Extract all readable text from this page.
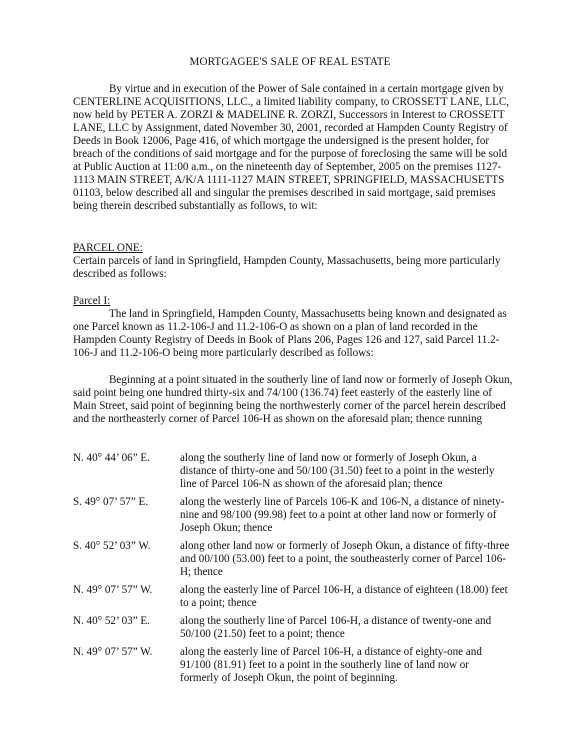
MORTGAGEE'S SALE OF REAL ESTATE

By virtue and in execution of the Power of Sale contained in a certain mortgage given by CENTERLINE ACQUISITIONS, LLC., a limited liability company, to CROSSETT LANE, LLC, now held by PETER A. ZORZI & MADELINE R. ZORZI, Successors in Interest to CROSSETT LANE, LLC by Assignment, dated November 30, 2001, recorded at Hampden County Registry of Deeds in Book 12006, Page 416, of which mortgage the undersigned is the present holder, for breach of the conditions of said mortgage and for the purpose of foreclosing the same will be sold at Public Auction at 11:00 a.m., on the nineteenth day of September, 2005 on the premises 1127-1113 MAIN STREET, A/K/A 1111-1127 MAIN STREET, SPRINGFIELD, MASSACHUSETTS 01103, below described all and singular the premises described in said mortgage, said premises being therein described substantially as follows, to wit:

PARCEL ONE:

Certain parcels of land in Springfield, Hampden County, Massachusetts, being more particularly described as follows:

Parcel I:

The land in Springfield, Hampden County, Massachusetts being known and designated as one Parcel known as 11.2-106-J and 11.2-106-O as shown on a plan of land recorded in the Hampden County Registry of Deeds in Book of Plans 206, Pages 126 and 127, said Parcel 11.2-106-J and 11.2-106-O being more particularly described as follows:

Beginning at a point situated in the southerly line of land now or formerly of Joseph Okun, said point being one hundred thirty-six and 74/100 (136.74) feet easterly of the easterly line of Main Street, said point of beginning being the northwesterly corner of the parcel herein described and the northeasterly corner of Parcel 106-H as shown on the aforesaid plan; thence running

N. 40° 44’ 06” E.	along the southerly line of land now or formerly of Joseph Okun, a distance of thirty-one and 50/100 (31.50) feet to a point in the westerly line of Parcel 106-N as shown of the aforesaid plan; thence
S. 49° 07’ 57” E.	along the westerly line of Parcels 106-K and 106-N, a distance of ninety-nine and 98/100 (99.98) feet to a point at other land now or formerly of Joseph Okun; thence
S. 40° 52’ 03” W.	along other land now or formerly of Joseph Okun, a distance of fifty-three and 00/100 (53.00) feet to a point, the southeasterly corner of Parcel 106-H; thence
N. 49° 07’ 57” W.	along the easterly line of Parcel 106-H, a distance of eighteen (18.00) feet to a point; thence
N. 40° 52’ 03” E.	along the southerly line of Parcel 106-H, a distance of twenty-one and 50/100 (21.50) feet to a point; thence
N. 49° 07’ 57” W.	along the easterly line of Parcel 106-H, a distance of eighty-one and 91/100 (81.91) feet to a point in the southerly line of land now or formerly of Joseph Okun, the point of beginning.
